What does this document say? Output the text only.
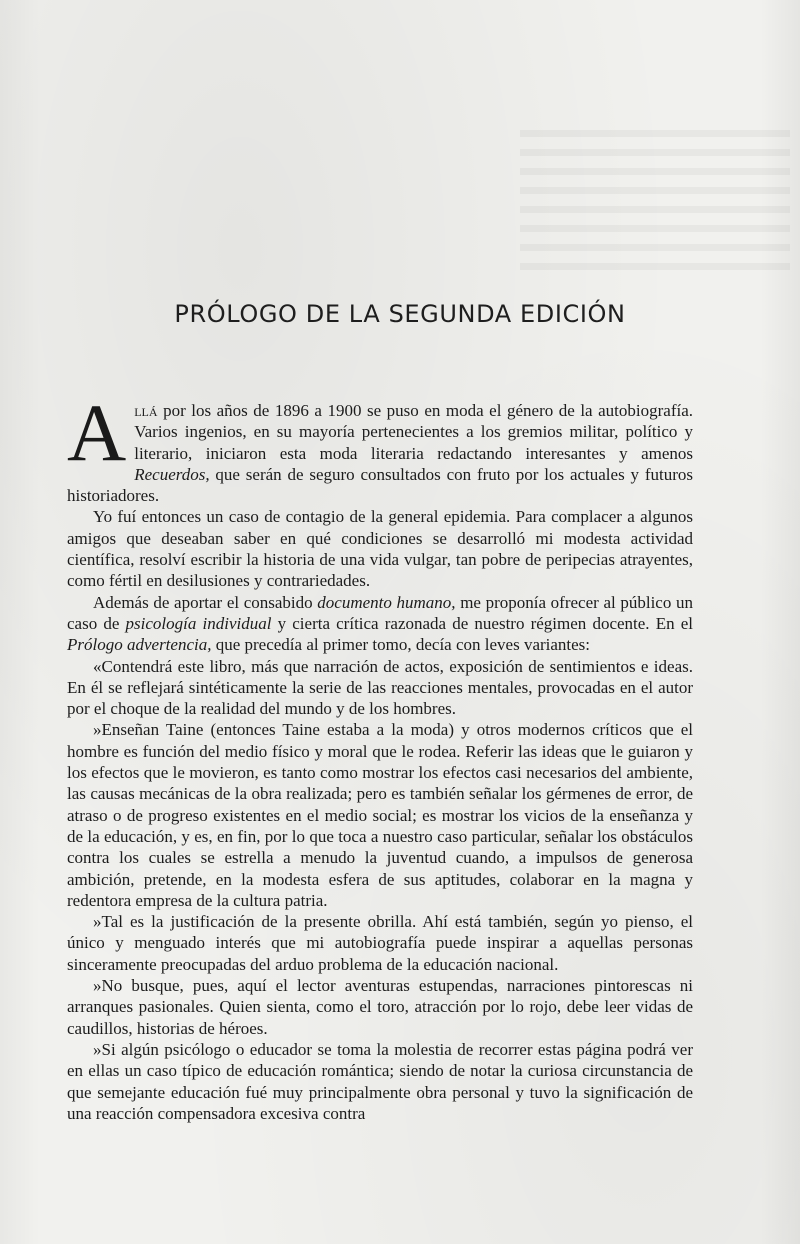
PRÓLOGO DE LA SEGUNDA EDICIÓN

Allá por los años de 1896 a 1900 se puso en moda el género de la autobiografía. Varios ingenios, en su mayoría pertenecientes a los gremios militar, político y literario, iniciaron esta moda literaria redactando interesantes y amenos Recuerdos, que serán de seguro consultados con fruto por los actuales y futuros historiadores.

Yo fuí entonces un caso de contagio de la general epidemia. Para complacer a algunos amigos que deseaban saber en qué condiciones se desarrolló mi modesta actividad científica, resolví escribir la historia de una vida vulgar, tan pobre de peripecias atrayentes, como fértil en desilusiones y contrariedades.

Además de aportar el consabido documento humano, me proponía ofrecer al público un caso de psicología individual y cierta crítica razonada de nuestro régimen docente. En el Prólogo advertencia, que precedía al primer tomo, decía con leves variantes:

«Contendrá este libro, más que narración de actos, exposición de sentimientos e ideas. En él se reflejará sintéticamente la serie de las reacciones mentales, provocadas en el autor por el choque de la realidad del mundo y de los hombres.

»Enseñan Taine (entonces Taine estaba a la moda) y otros modernos críticos que el hombre es función del medio físico y moral que le rodea. Referir las ideas que le guiaron y los efectos que le movieron, es tanto como mostrar los efectos casi necesarios del ambiente, las causas mecánicas de la obra realizada; pero es también señalar los gérmenes de error, de atraso o de progreso existentes en el medio social; es mostrar los vicios de la enseñanza y de la educación, y es, en fin, por lo que toca a nuestro caso particular, señalar los obstáculos contra los cuales se estrella a menudo la juventud cuando, a impulsos de generosa ambición, pretende, en la modesta esfera de sus aptitudes, colaborar en la magna y redentora empresa de la cultura patria.

»Tal es la justificación de la presente obrilla. Ahí está también, según yo pienso, el único y menguado interés que mi autobiografía puede inspirar a aquellas personas sinceramente preocupadas del arduo problema de la educación nacional.

»No busque, pues, aquí el lector aventuras estupendas, narraciones pintorescas ni arranques pasionales. Quien sienta, como el toro, atracción por lo rojo, debe leer vidas de caudillos, historias de héroes.

»Si algún psicólogo o educador se toma la molestia de recorrer estas página podrá ver en ellas un caso típico de educación romántica; siendo de notar la curiosa circunstancia de que semejante educación fué muy principalmente obra personal y tuvo la significación de una reacción compensadora excesiva contra
